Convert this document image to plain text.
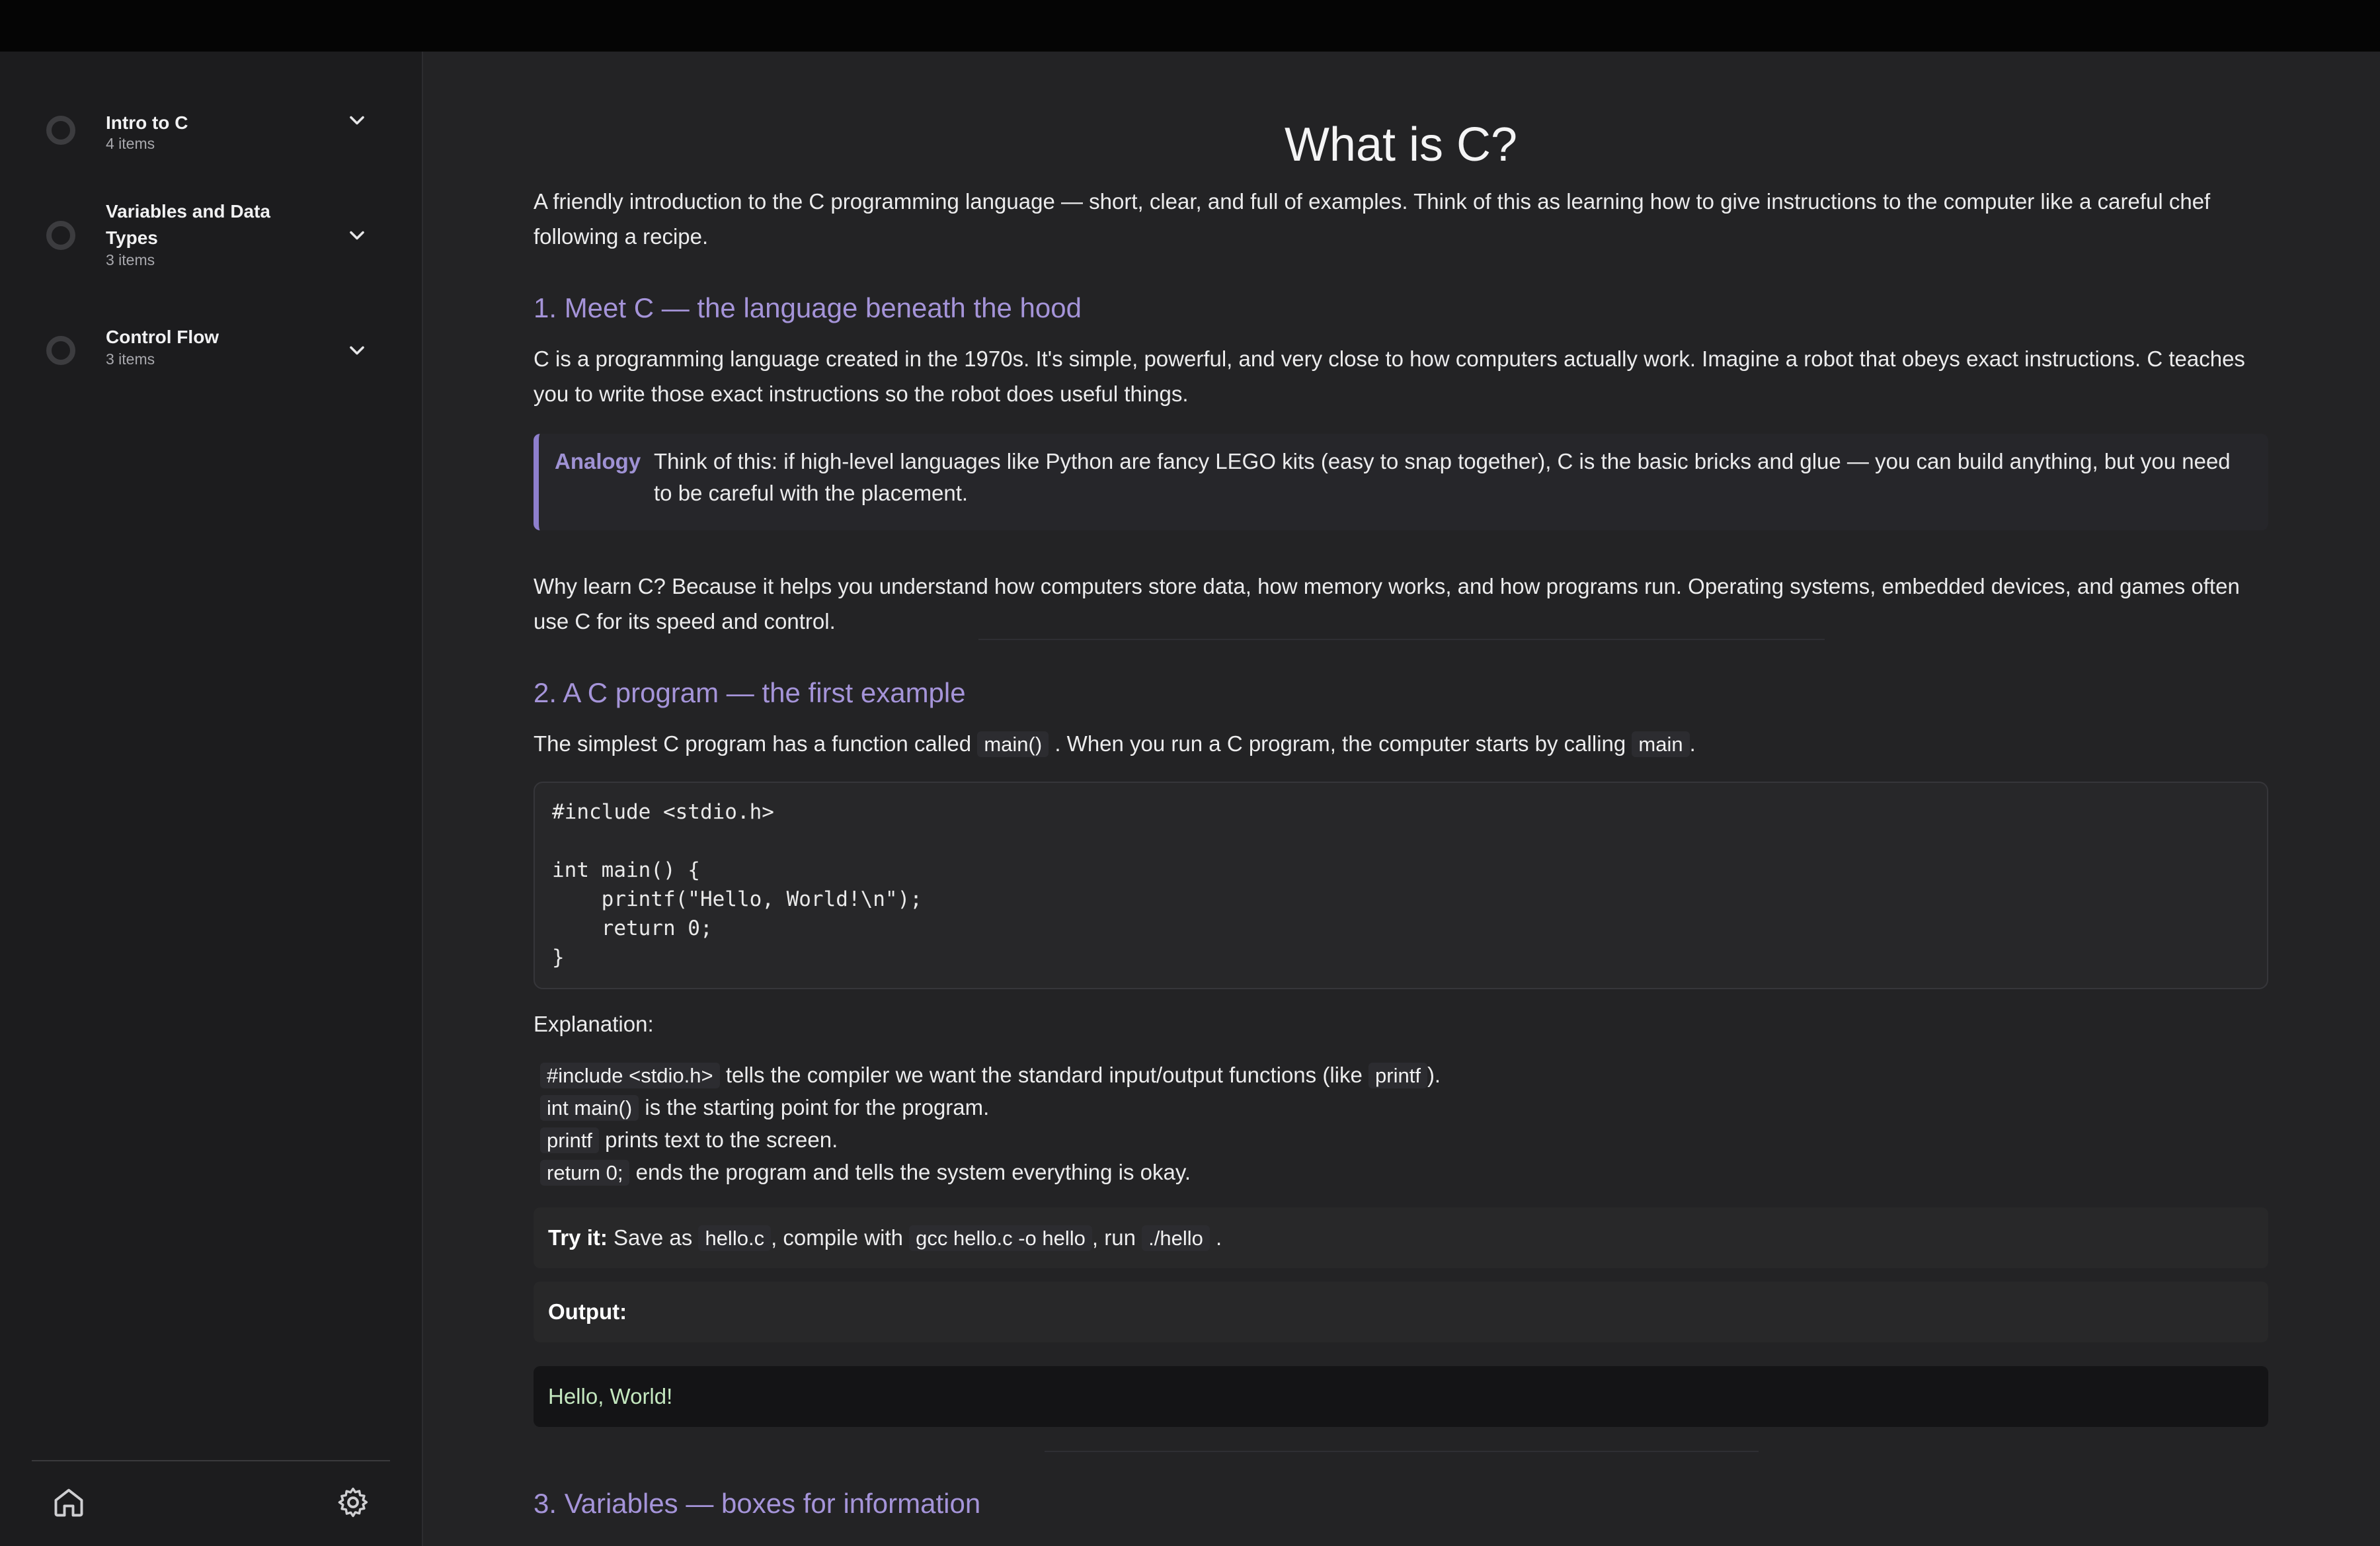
Intro to C
4 items
Variables and Data Types
3 items
Control Flow
3 items
What is C?

A friendly introduction to the C programming language — short, clear, and full of examples. Think of this as learning how to give instructions to the computer like a careful chef following a recipe.

1. Meet C — the language beneath the hood

C is a programming language created in the 1970s. It's simple, powerful, and very close to how computers actually work. Imagine a robot that obeys exact instructions. C teaches you to write those exact instructions so the robot does useful things.

Analogy Think of this: if high-level languages like Python are fancy LEGO kits (easy to snap together), C is the basic bricks and glue — you can build anything, but you need to be careful with the placement.

Why learn C? Because it helps you understand how computers store data, how memory works, and how programs run. Operating systems, embedded devices, and games often use C for its speed and control.

2. A C program — the first example

The simplest C program has a function called main() . When you run a C program, the computer starts by calling main .

#include <stdio.h>

int main() {
printf("Hello, World!\n");
return 0;
}

Explanation:

#include <stdio.h> tells the compiler we want the standard input/output functions (like printf ).
int main() is the starting point for the program.
printf prints text to the screen.
return 0; ends the program and tells the system everything is okay.
Try it: Save as hello.c , compile with gcc hello.c -o hello , run ./hello .
Output:
Hello, World!
3. Variables — boxes for information
